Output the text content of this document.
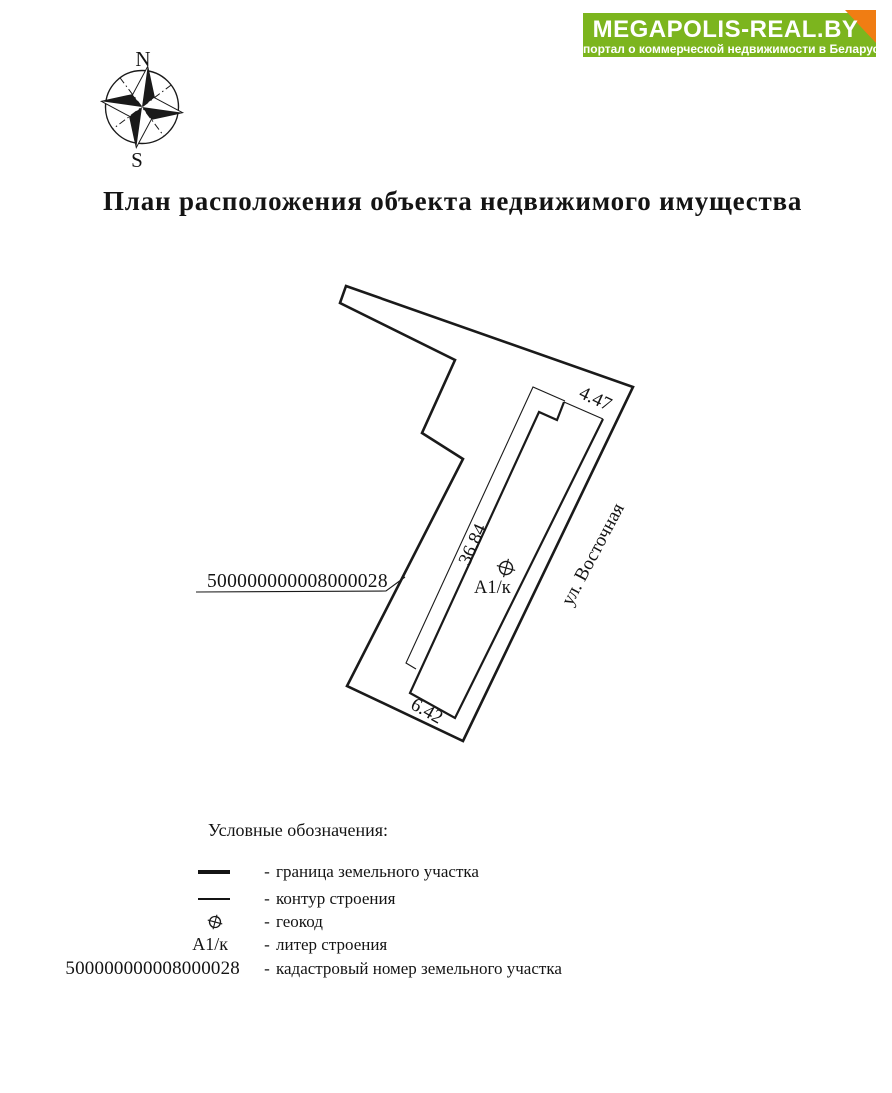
MEGAPOLIS-REAL.BY
портал о коммерческой недвижимости в Беларуси
План расположения объекта недвижимого имущества
N
S
500000000008000028
4.47
36.84
6.42
А1/к ул. Восточная
Условные обозначения:
- граница земельного участка
- контур строения
- геокод
А1/к - литер строения
500000000008000028 - кадастровый номер земельного участка
